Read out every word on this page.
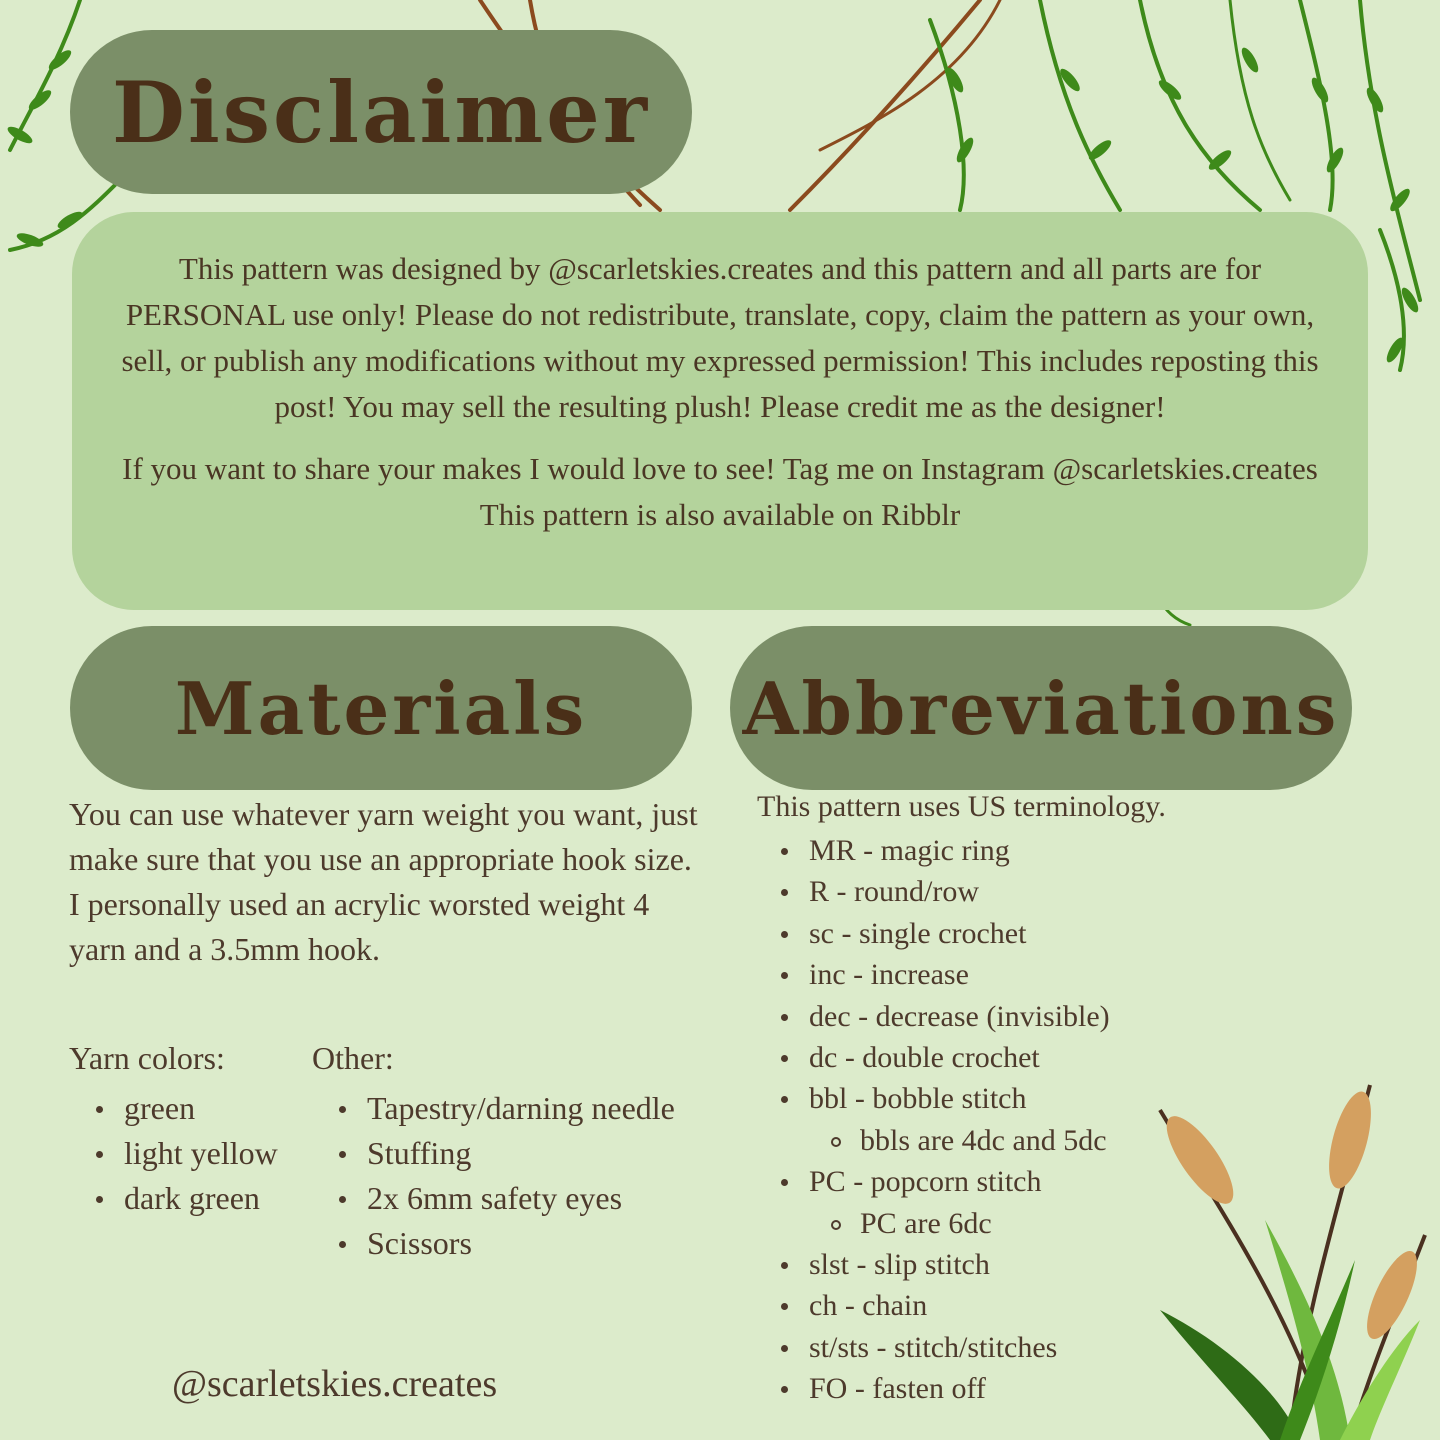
Disclaimer

This pattern was designed by @scarletskies.creates and this pattern and all parts are for PERSONAL use only! Please do not redistribute, translate, copy, claim the pattern as your own, sell, or publish any modifications without my expressed permission! This includes reposting this post! You may sell the resulting plush! Please credit me as the designer!

If you want to share your makes I would love to see! Tag me on Instagram @scarletskies.creates This pattern is also available on Ribblr

Materials	Abbreviations

You can use whatever yarn weight you want, just make sure that you use an appropriate hook size. I personally used an acrylic worsted weight 4 yarn and a 3.5mm hook.

Yarn colors:

green
light yellow
dark green

Other:

Tapestry/darning needle
Stuffing
2x 6mm safety eyes
Scissors

This pattern uses US terminology.

MR - magic ring
R - round/row
sc - single crochet
inc - increase
dec - decrease (invisible)
dc - double crochet
bbl - bobble stitch
bbls are 4dc and 5dc
PC - popcorn stitch
PC are 6dc
slst - slip stitch
ch - chain
st/sts - stitch/stitches
FO - fasten off

@scarletskies.creates
